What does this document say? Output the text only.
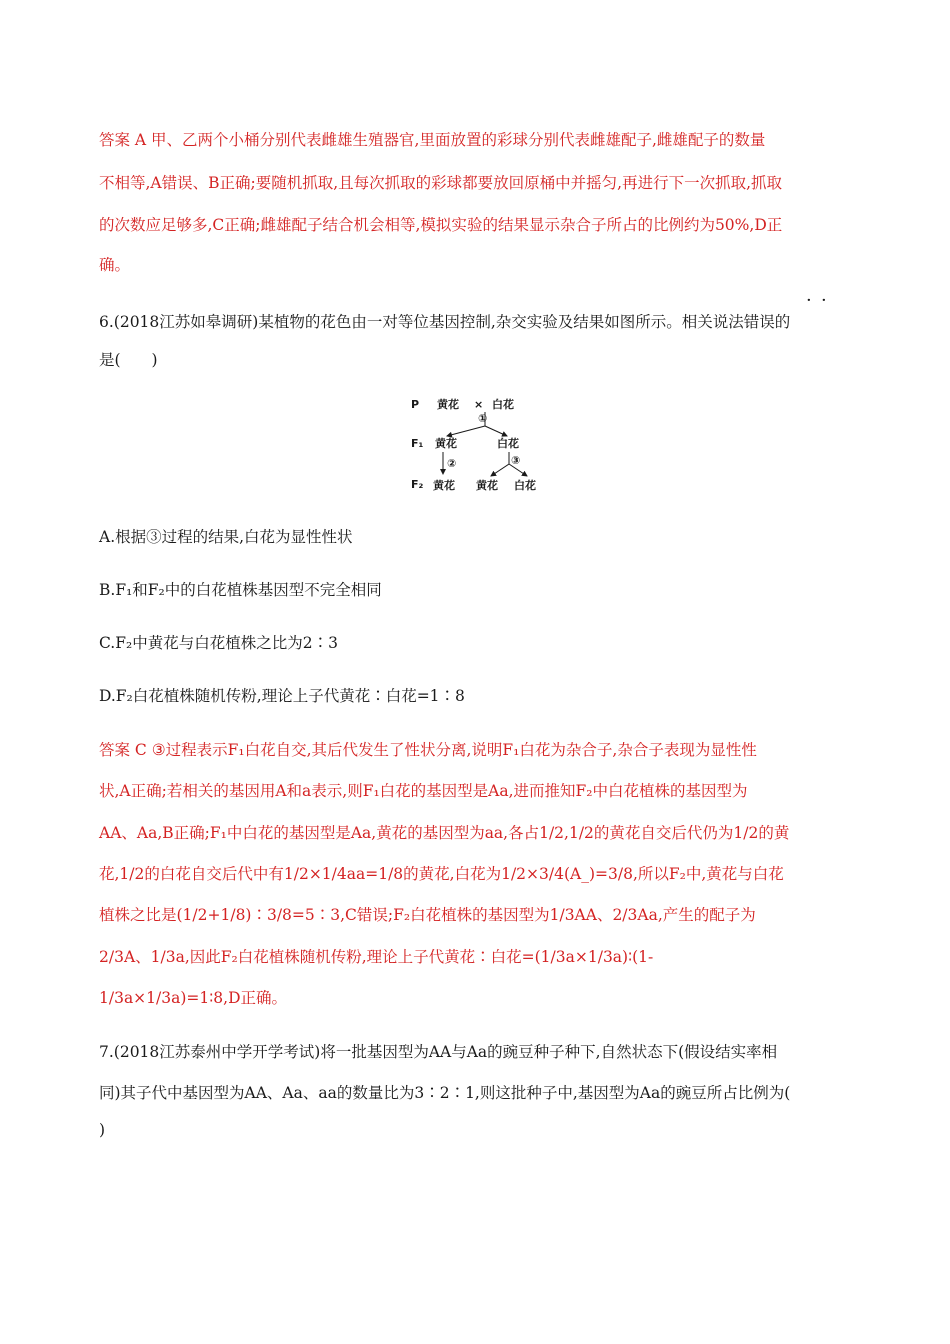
答案 A 甲、乙两个小桶分别代表雌雄生殖器官,里面放置的彩球分别代表雌雄配子,雌雄配子的数量
不相等,A错误、B正确;要随机抓取,且每次抓取的彩球都要放回原桶中并摇匀,再进行下一次抓取,抓取
的次数应足够多,C正确;雌雄配子结合机会相等,模拟实验的结果显示杂合子所占的比例约为50%,D正
确。
6.(2018江苏如皋调研)某植物的花色由一对等位基因控制,杂交实验及结果如图所示。相关说法错误的
是(　　)
· ·
P 黄花 × 白花
①
F₁ 黄花	白花
②	③
F₂ 黄花 黄花 白花
A.根据③过程的结果,白花为显性性状
B.F₁和F₂中的白花植株基因型不完全相同
C.F₂中黄花与白花植株之比为2∶3
D.F₂白花植株随机传粉,理论上子代黄花∶白花=1∶8
答案 C ③过程表示F₁白花自交,其后代发生了性状分离,说明F₁白花为杂合子,杂合子表现为显性性
状,A正确;若相关的基因用A和a表示,则F₁白花的基因型是Aa,进而推知F₂中白花植株的基因型为
AA、Aa,B正确;F₁中白花的基因型是Aa,黄花的基因型为aa,各占1/2,1/2的黄花自交后代仍为1/2的黄
花,1/2的白花自交后代中有1/2×1/4aa=1/8的黄花,白花为1/2×3/4(A_)=3/8,所以F₂中,黄花与白花
植株之比是(1/2+1/8)∶3/8=5∶3,C错误;F₂白花植株的基因型为1/3AA、2/3Aa,产生的配子为
2/3A、1/3a,因此F₂白花植株随机传粉,理论上子代黄花∶白花=(1/3a×1/3a)∶(1-
1/3a×1/3a)=1∶8,D正确。
7.(2018江苏泰州中学开学考试)将一批基因型为AA与Aa的豌豆种子种下,自然状态下(假设结实率相
同)其子代中基因型为AA、Aa、aa的数量比为3∶2∶1,则这批种子中,基因型为Aa的豌豆所占比例为(
)
